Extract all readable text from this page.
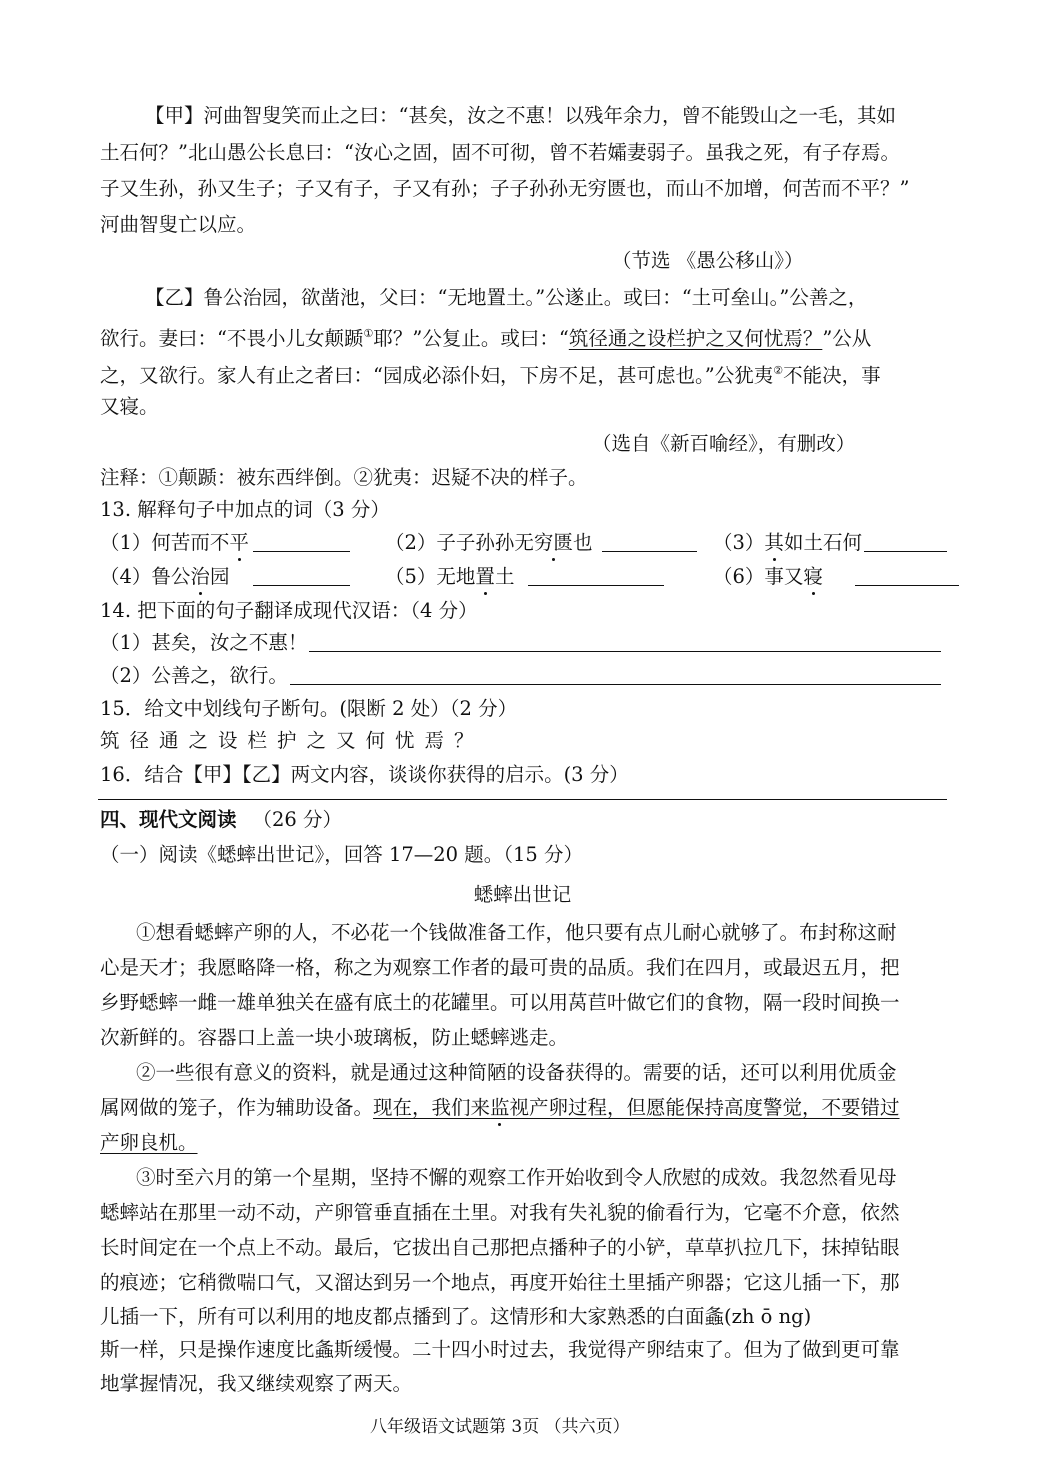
【甲】河曲智叟笑而止之曰：“甚矣，汝之不惠！以残年余力，曾不能毁山之一毛，其如
土石何？”北山愚公长息曰：“汝心之固，固不可彻，曾不若孀妻弱子。虽我之死，有子存焉。
子又生孙，孙又生子；子又有子，子又有孙；子子孙孙无穷匮也，而山不加增，何苦而不平？”
河曲智叟亡以应。
（节选 《愚公移山》）
【乙】鲁公治园，欲凿池，父曰：“无地置土。”公遂止。或曰：“土可垒山。”公善之，
欲行。妻曰：“不畏小儿女颠踬①耶？”公复止。或曰：“筑径通之设栏护之又何忧焉？”公从
之，又欲行。家人有止之者曰：“园成必添仆妇，下房不足，甚可虑也。”公犹夷②不能决，事
又寝。
（选自《新百喻经》，有删改）
注释：①颠踬：被东西绊倒。②犹夷：迟疑不决的样子。
13. 解释句子中加点的词（3 分）
（1）何苦而不平	（2）子子孙孙无穷匮也	（3）其如土石何
（4）鲁公治园	（5）无地置土	（6）事又寝
14. 把下面的句子翻译成现代汉语：（4 分）
（1）甚矣，汝之不惠！
（2）公善之，欲行。
15．给文中划线句子断句。(限断 2 处）（2 分）
筑径通之设栏护之又何忧焉？
16．结合【甲】【乙】两文内容，谈谈你获得的启示。(3 分）
四、现代文阅读 （26 分）
（一）阅读《蟋蟀出世记》，回答 17—20 题。（15 分）
蟋蟀出世记
①想看蟋蟀产卵的人，不必花一个钱做准备工作，他只要有点儿耐心就够了。布封称这耐
心是天才；我愿略降一格，称之为观察工作者的最可贵的品质。我们在四月，或最迟五月，把
乡野蟋蟀一雌一雄单独关在盛有底土的花罐里。可以用莴苣叶做它们的食物，隔一段时间换一
次新鲜的。容器口上盖一块小玻璃板，防止蟋蟀逃走。
②一些很有意义的资料，就是通过这种简陋的设备获得的。需要的话，还可以利用优质金
属网做的笼子，作为辅助设备。现在，我们来监视产卵过程，但愿能保持高度警觉，不要错过
产卵良机。
③时至六月的第一个星期，坚持不懈的观察工作开始收到令人欣慰的成效。我忽然看见母
蟋蟀站在那里一动不动，产卵管垂直插在土里。对我有失礼貌的偷看行为，它毫不介意，依然
长时间定在一个点上不动。最后，它拔出自己那把点播种子的小铲，草草扒拉几下，抹掉钻眼
的痕迹；它稍微喘口气，又溜达到另一个地点，再度开始往土里插产卵器；它这儿插一下，那
儿插一下，所有可以利用的地皮都点播到了。这情形和大家熟悉的白面螽(zh ō ng)
斯一样，只是操作速度比螽斯缓慢。二十四小时过去，我觉得产卵结束了。但为了做到更可靠
地掌握情况，我又继续观察了两天。
八年级语文试题第 3页 （共六页）
